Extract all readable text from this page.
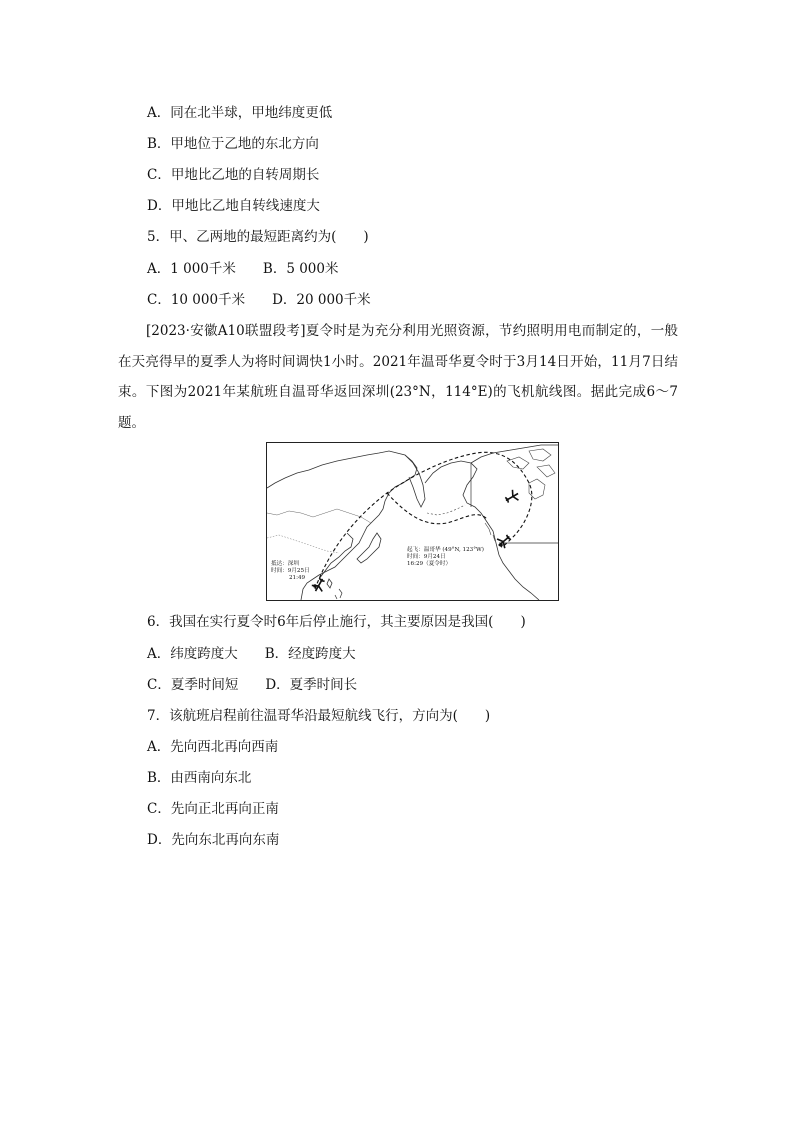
A．同在北半球，甲地纬度更低
B．甲地位于乙地的东北方向
C．甲地比乙地的自转周期长
D．甲地比乙地自转线速度大
5．甲、乙两地的最短距离约为(　　)
A．1 000千米　　B．5 000米
C．10 000千米　　D．20 000千米
[2023·安徽A10联盟段考]夏令时是为充分利用光照资源，节约照明用电而制定的，一般在天亮得早的夏季人为将时间调快1小时。2021年温哥华夏令时于3月14日开始，11月7日结束。下图为2021年某航班自温哥华返回深圳(23°N，114°E)的飞机航线图。据此完成6～7题。
起飞：温哥华 (49°N, 123°W)
时间：9月24日
16:29（夏令时）
抵达：深圳
时间：9月25日
21:49
6．我国在实行夏令时6年后停止施行，其主要原因是我国(　　)
A．纬度跨度大　　B．经度跨度大
C．夏季时间短　　D．夏季时间长
7．该航班启程前往温哥华沿最短航线飞行，方向为(　　)
A．先向西北再向西南
B．由西南向东北
C．先向正北再向正南
D．先向东北再向东南
